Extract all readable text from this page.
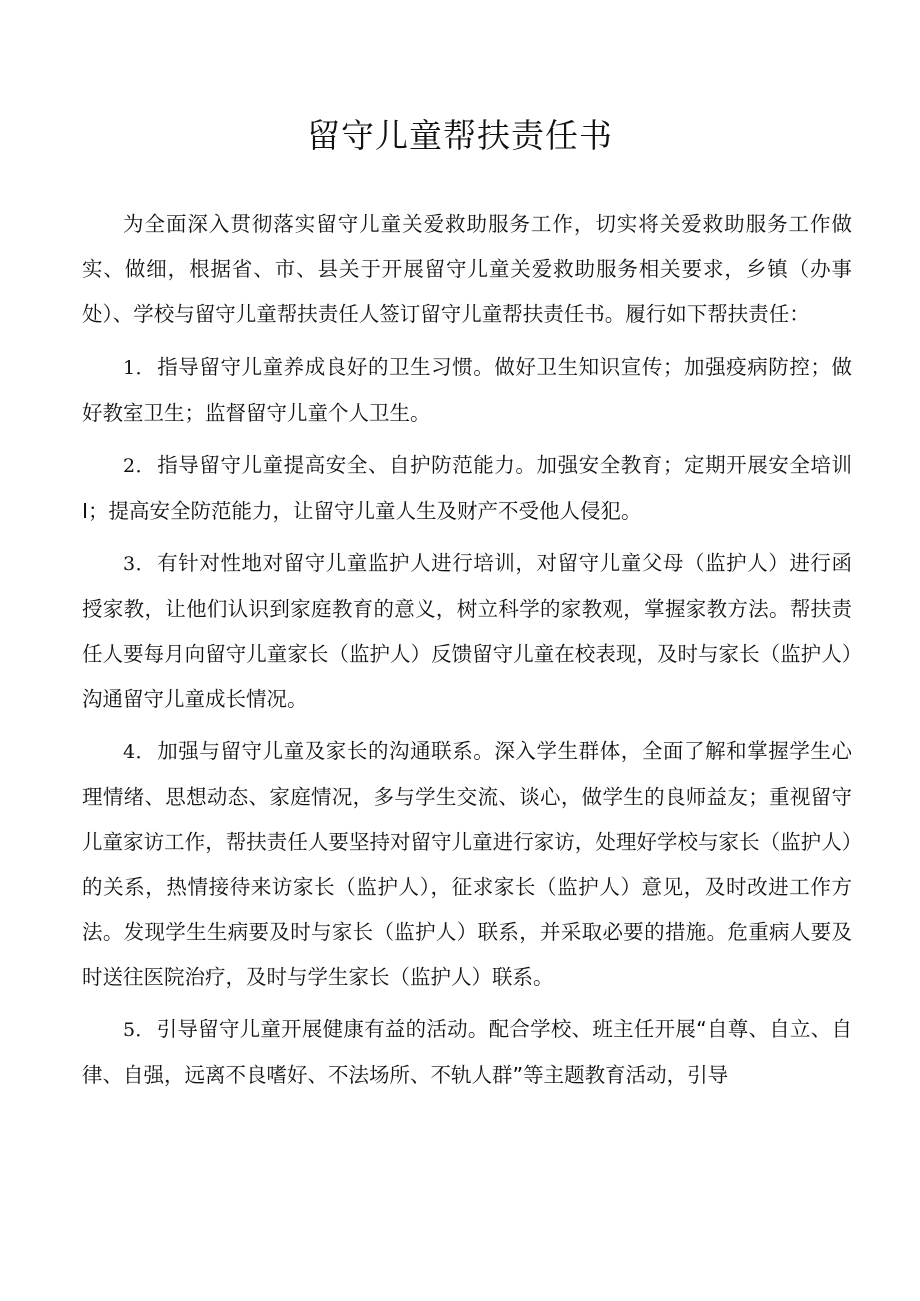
留守儿童帮扶责任书

为全面深入贯彻落实留守儿童关爱救助服务工作，切实将关爱救助服务工作做实、做细，根据省、市、县关于开展留守儿童关爱救助服务相关要求，乡镇（办事处）、学校与留守儿童帮扶责任人签订留守儿童帮扶责任书。履行如下帮扶责任：

1．指导留守儿童养成良好的卫生习惯。做好卫生知识宣传；加强疫病防控；做好教室卫生；监督留守儿童个人卫生。

2．指导留守儿童提高安全、自护防范能力。加强安全教育；定期开展安全培训I；提高安全防范能力，让留守儿童人生及财产不受他人侵犯。

3．有针对性地对留守儿童监护人进行培训，对留守儿童父母（监护人）进行函授家教，让他们认识到家庭教育的意义，树立科学的家教观，掌握家教方法。帮扶责任人要每月向留守儿童家长（监护人）反馈留守儿童在校表现，及时与家长（监护人）沟通留守儿童成长情况。

4．加强与留守儿童及家长的沟通联系。深入学生群体，全面了解和掌握学生心理情绪、思想动态、家庭情况，多与学生交流、谈心，做学生的良师益友；重视留守儿童家访工作，帮扶责任人要坚持对留守儿童进行家访，处理好学校与家长（监护人）的关系，热情接待来访家长（监护人），征求家长（监护人）意见，及时改进工作方法。发现学生生病要及时与家长（监护人）联系，并采取必要的措施。危重病人要及时送往医院治疗，及时与学生家长（监护人）联系。

5．引导留守儿童开展健康有益的活动。配合学校、班主任开展“自尊、自立、自律、自强，远离不良嗜好、不法场所、不轨人群”等主题教育活动，引导
